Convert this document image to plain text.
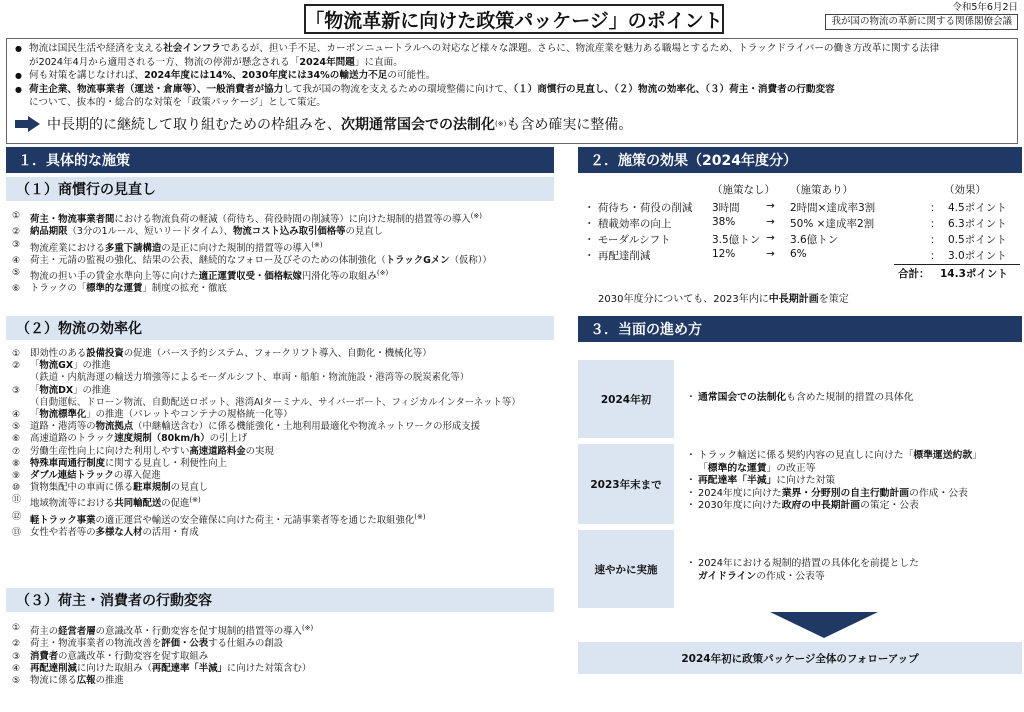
「物流革新に向けた政策パッケージ」のポイント
令和5年6月2日
我が国の物流の革新に関する関係閣僚会議
● 物流は国民生活や経済を支える社会インフラであるが、担い手不足、カーボンニュートラルへの対応など様々な課題。さらに、物流産業を魅力ある職場とするため、トラックドライバーの働き方改革に関する法律
が2024年4月から適用される一方、物流の停滞が懸念される「2024年問題」に直面。
● 何も対策を講じなければ、2024年度には14%、2030年度には34%の輸送力不足の可能性。
● 荷主企業、物流事業者（運送・倉庫等）、一般消費者が協力して我が国の物流を支えるための環境整備に向けて、（１）商慣行の見直し、（２）物流の効率化、（３）荷主・消費者の行動変容
について、抜本的・総合的な対策を「政策パッケージ」として策定。
中長期的に継続して取り組むための枠組みを、 次期通常国会での法制化 (※) も含め確実に整備。
１．具体的な施策
（１）商慣行の見直し
① 荷主・物流事業者間における物流負荷の軽減（荷待ち、荷役時間の削減等）に向けた規制的措置等の導入(※)
② 納品期限（3分の1ルール、短いリードタイム）、物流コスト込み取引価格等の見直し
③ 物流産業における多重下請構造の是正に向けた規制的措置等の導入(※)
④ 荷主・元請の監視の強化、結果の公表、継続的なフォロー及びそのための体制強化（トラックGメン（仮称））
⑤ 物流の担い手の賃金水準向上等に向けた適正運賃収受・価格転嫁円滑化等の取組み(※)
⑥ トラックの「標準的な運賃」制度の拡充・徹底
（２）物流の効率化
① 即効性のある設備投資の促進（バース予約システム、フォークリフト導入、自動化・機械化等）
② 「物流GX」の推進
（鉄道・内航海運の輸送力増強等によるモーダルシフト、車両・船舶・物流施設・港湾等の脱炭素化等）
③ 「物流DX」の推進
（自動運転、ドローン物流、自動配送ロボット、港湾AIターミナル、サイバーポート、フィジカルインターネット等）
④ 「物流標準化」の推進（パレットやコンテナの規格統一化等）
⑤ 道路・港湾等の物流拠点（中継輸送含む）に係る機能強化・土地利用最適化や物流ネットワークの形成支援
⑥ 高速道路のトラック速度規制（80km/h）の引上げ
⑦ 労働生産性向上に向けた利用しやすい高速道路料金の実現
⑧ 特殊車両通行制度に関する見直し・利便性向上
⑨ ダブル連結トラックの導入促進
⑩ 貨物集配中の車両に係る駐車規制の見直し
⑪ 地域物流等における共同輸配送の促進(※)
⑫ 軽トラック事業の適正運営や輸送の安全確保に向けた荷主・元請事業者等を通じた取組強化(※)
⑬ 女性や若者等の多様な人材の活用・育成
（３）荷主・消費者の行動変容
① 荷主の経営者層の意識改革・行動変容を促す規制的措置等の導入(※)
② 荷主・物流事業者の物流改善を評価・公表する仕組みの創設
③ 消費者の意識改革・行動変容を促す取組み
④ 再配達削減に向けた取組み（再配達率「半減」に向けた対策含む）
⑤ 物流に係る広報の推進
２．施策の効果（2024年度分）
（施策なし） （施策あり）	（効果）
・ 荷待ち・荷役の削減 3時間	→ 2時間×達成率3割	： 4.5ポイント
・ 積載効率の向上	38%	→ 50% ×達成率2割	： 6.3ポイント
・ モーダルシフト	3.5億トン → 3.6億トン	： 0.5ポイント
・ 再配達削減	12%	→ 6%	： 3.0ポイント
合計： 14.3ポイント
2030年度分についても、2023年内に中長期計画を策定
３．当面の進め方
2024年初	・ 通常国会での法制化も含めた規制的措置の具体化
2023年末まで
・ トラック輸送に係る契約内容の見直しに向けた「標準運送約款」
「標準的な運賃」の改正等
・ 再配達率「半減」に向けた対策
・ 2024年度に向けた業界・分野別の自主行動計画の作成・公表
・ 2030年度に向けた政府の中長期計画の策定・公表
速やかに実施	・ 2024年における規制的措置の具体化を前提とした
ガイドラインの作成・公表等
2024年初に政策パッケージ全体のフォローアップ
